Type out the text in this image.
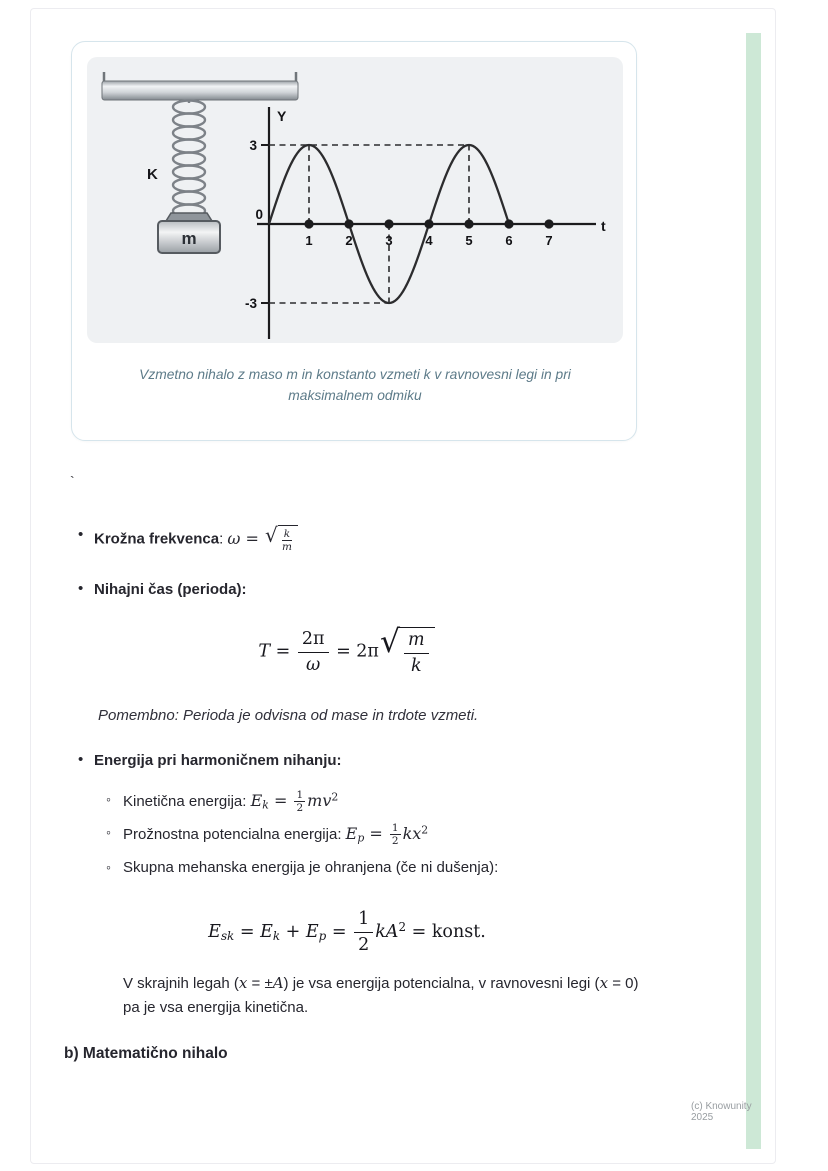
K
m	1	2	3	4	5	6	7
Y
t
0
3
-3
Vzmetno nihalo z maso m in konstanto vzmeti k v ravnovesni legi in pri maksimalnem odmiku
`
• Krožna frekvenca: ω = √ k
m
• Nihajni čas (perioda):
$T = \frac{2\pi}{\omega} = 2\pi$ √ m
k
Pomembno: Perioda je odvisna od mase in trdote vzmeti.
• Energija pri harmoničnem nihanju:
◦ Kinetična energija: $Ek = \frac{1}{2} mv^2$
◦ Prožnostna potencialna energija: $Ep = \frac{1}{2} kx^2$
◦ Skupna mehanska energija je ohranjena (če ni dušenja):
Esk = $Ek + Ep = \frac{1}{2} kA^2$ = konst.
V skrajnih legah (x = ±A) je vsa energija potencialna, v ravnovesni legi (x = 0) pa je vsa energija kinetična.
b) Matematično nihalo
(c) Knowunity 2025
